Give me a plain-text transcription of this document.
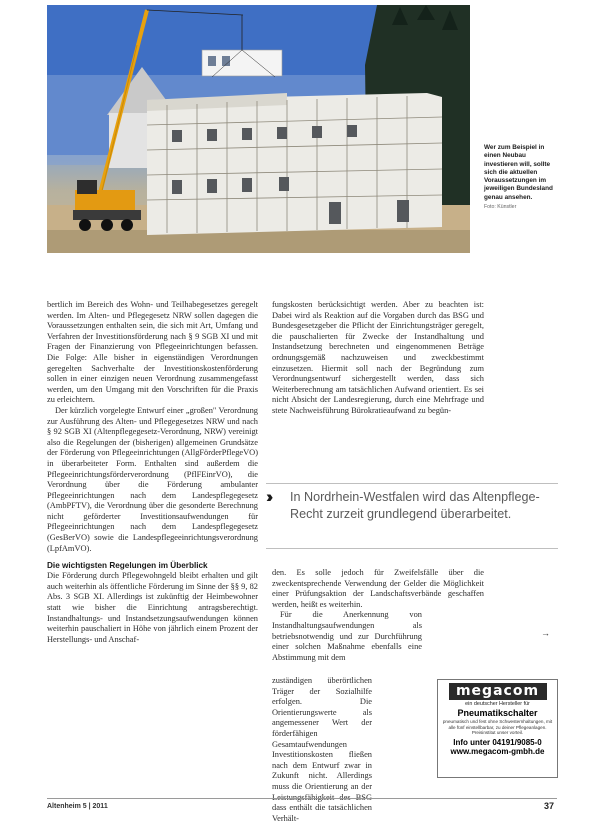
Wer zum Beispiel in einen Neubau investieren will, sollte sich die aktuellen Voraussetzungen im jeweiligen Bundesland genau ansehen.
Foto: Künstler

bertlich im Bereich des Wohn- und Teilhabegesetzes geregelt werden. Im Alten- und Pflegegesetz NRW sollen dagegen die Voraussetzungen enthalten sein, die sich mit Art, Umfang und Verfahren der Investitionsförderung nach § 9 SGB XI und mit Fragen der Finanzierung von Pflegeeinrichtungen befassen. Die Folge: Alle bisher in eigenständigen Verordnungen geregelten Sachverhalte der Investitionskostenförderung sollen in einer einzigen neuen Verordnung zusammengefasst werden, um den Umgang mit den Vorschriften für die Praxis zu erleichtern.

Der kürzlich vorgelegte Entwurf einer „großen" Verordnung zur Ausführung des Alten- und Pflegegesetzes NRW und nach § 92 SGB XI (Altenpflegegesetz-Verordnung, NRW) vereinigt also die Regelungen der (bisherigen) allgemeinen Grundsätze der Förderung von Pflegeeinrichtungen (AllgFörderPflegeVO) in überarbeiteter Form. Enthalten sind außerdem die Pflegeeinrichtungsförderverordnung (PflFEinrVO), die Verordnung über die Förderung ambulanter Pflegeeinrichtungen nach dem Landespflegegesetz (AmbPFTV), die Verordnung über die gesonderte Berechnung nicht geförderter Investitionsaufwendungen für Pflegeeinrichtungen nach dem Landespflegegesetz (GesBerVO) sowie die Landespflegeeinrichtungsverordnung (LpfAmVO).

Die wichtigsten Regelungen im Überblick

Die Förderung durch Pflegewohngeld bleibt erhalten und gilt auch weiterhin als öffentliche Förderung im Sinne der §§ 9, 82 Abs. 3 SGB XI. Allerdings ist zukünftig der Heimbewohner statt wie bisher die Einrichtung antragsberechtigt. Instandhaltungs- und Instandsetzungsaufwendungen können weiterhin pauschaliert in Höhe von jährlich einem Prozent der Herstellungs- und Anschaf-

fungskosten berücksichtigt werden. Aber zu beachten ist: Dabei wird als Reaktion auf die Vorgaben durch das BSG und Bundesgesetzgeber die Pflicht der Einrichtungsträger geregelt, die pauschalierten für Zwecke der Instandhaltung und Instandsetzung berechneten und eingenommenen Beträge ordnungsgemäß nachzuweisen und zweckbestimmt einzusetzen. Hiermit soll nach der Begründung zum Verordnungsentwurf sichergestellt werden, dass sich Weiterberechnung am tatsächlichen Aufwand orientiert. Es sei nicht Absicht der Landesregierung, durch eine Mehrfrage und stete Nachweisführung Bürokratieaufwand zu begün-

›› In Nordrhein-Westfalen wird das Altenpflege-Recht zurzeit grundlegend überarbeitet.

den. Es solle jedoch für Zweifelsfälle über die zweckentsprechende Verwendung der Gelder die Möglichkeit einer Prüfungsaktion der Landschaftsverbände geschaffen werden, heißt es weiterhin.

Für die Anerkennung von Instandhaltungsaufwendungen als betriebsnotwendig und zur Durchführung einer solchen Maßnahme ebenfalls eine Abstimmung mit dem

→

zuständigen überörtlichen Träger der Sozialhilfe erfolgen. Die Orientierungswerte als angemessener Wert der förderfähigen Gesamtaufwendungen Investitionskosten fließen nach dem Entwurf zwar in Zukunft nicht. Allerdings muss die Orientierung an der dass enthält die tatsächlichen Verhält-

megacom
ein deutscher Hersteller für
Pneumatikschalter
pneumatisch und fest ohne Schwesternhaltungen, mit alle fünf einstellbarbar, zu deiner Pflegeanlagen. Preisinstitut unser vorteil.
Info unter 04191/9085-0
www.megacom-gmbh.de
Altenheim 5 | 2011	37
